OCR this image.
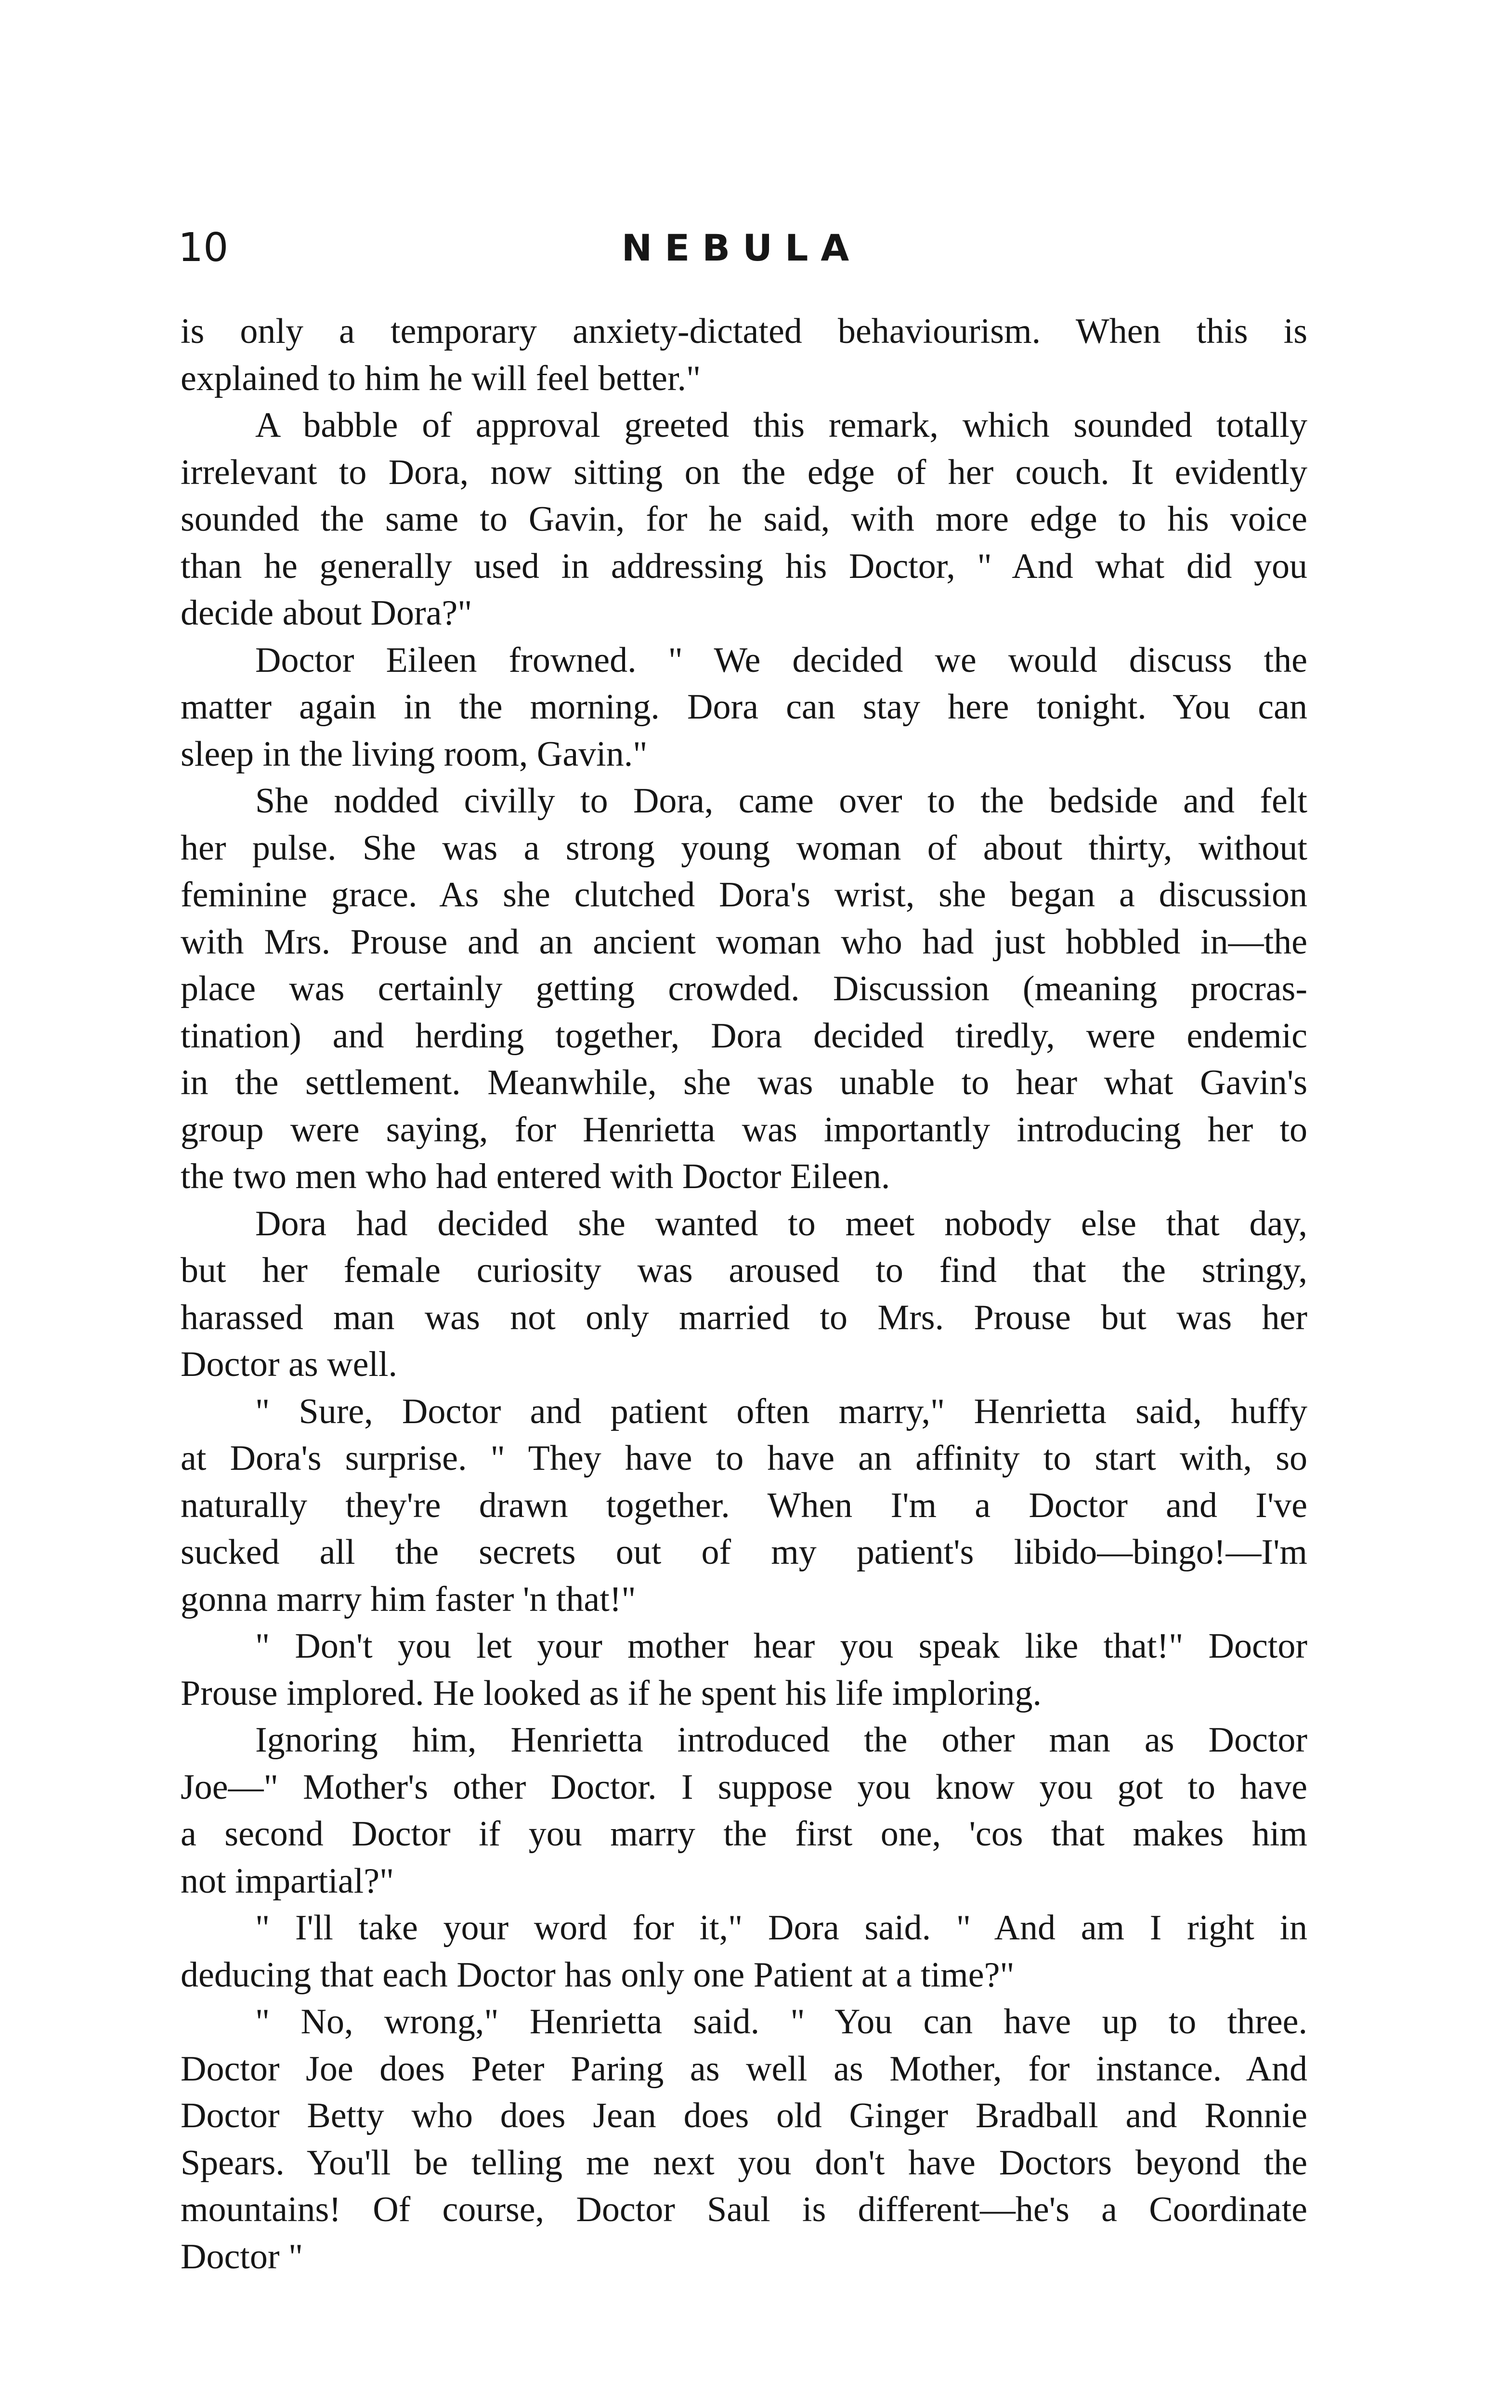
10	NEBULA
is only a temporary anxiety-dictated behaviourism. When this is
explained to him he will feel better."
A babble of approval greeted this remark, which sounded totally
irrelevant to Dora, now sitting on the edge of her couch. It evidently
sounded the same to Gavin, for he said, with more edge to his voice
than he generally used in addressing his Doctor, " And what did you
decide about Dora?"
Doctor Eileen frowned. " We decided we would discuss the
matter again in the morning. Dora can stay here tonight. You can
sleep in the living room, Gavin."
She nodded civilly to Dora, came over to the bedside and felt
her pulse. She was a strong young woman of about thirty, without
feminine grace. As she clutched Dora's wrist, she began a discussion
with Mrs. Prouse and an ancient woman who had just hobbled in—the
place was certainly getting crowded. Discussion (meaning procras-
tination) and herding together, Dora decided tiredly, were endemic
in the settlement. Meanwhile, she was unable to hear what Gavin's
group were saying, for Henrietta was importantly introducing her to
the two men who had entered with Doctor Eileen.
Dora had decided she wanted to meet nobody else that day,
but her female curiosity was aroused to find that the stringy,
harassed man was not only married to Mrs. Prouse but was her
Doctor as well.
" Sure, Doctor and patient often marry," Henrietta said, huffy
at Dora's surprise. " They have to have an affinity to start with, so
naturally they're drawn together. When I'm a Doctor and I've
sucked all the secrets out of my patient's libido—bingo!—I'm
gonna marry him faster 'n that!"
" Don't you let your mother hear you speak like that!" Doctor
Prouse implored. He looked as if he spent his life imploring.
Ignoring him, Henrietta introduced the other man as Doctor
Joe—" Mother's other Doctor. I suppose you know you got to have
a second Doctor if you marry the first one, 'cos that makes him
not impartial?"
" I'll take your word for it," Dora said. " And am I right in
deducing that each Doctor has only one Patient at a time?"
" No, wrong," Henrietta said. " You can have up to three.
Doctor Joe does Peter Paring as well as Mother, for instance. And
Doctor Betty who does Jean does old Ginger Bradball and Ronnie
Spears. You'll be telling me next you don't have Doctors beyond the
mountains! Of course, Doctor Saul is different—he's a Coordinate
Doctor "
